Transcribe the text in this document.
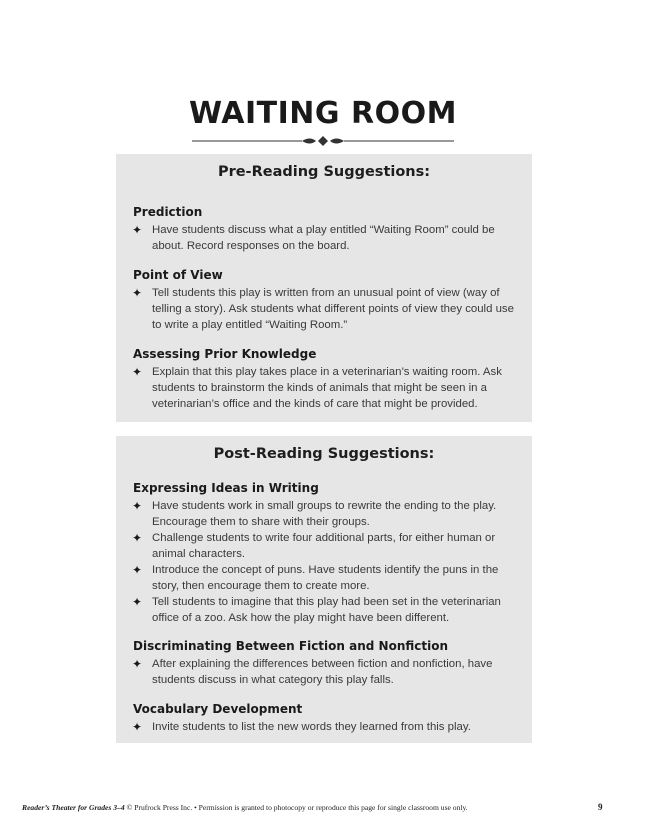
WAITING ROOM
Pre-Reading Suggestions:

Prediction

✦ Have students discuss what a play entitled “Waiting Room” could be about. Record responses on the board.

Point of View

✦ Tell students this play is written from an unusual point of view (way of telling a story). Ask students what different points of view they could use to write a play entitled “Waiting Room.”

Assessing Prior Knowledge

✦ Explain that this play takes place in a veterinarian’s waiting room. Ask students to brainstorm the kinds of animals that might be seen in a veterinarian’s office and the kinds of care that might be provided.

Post-Reading Suggestions:

Expressing Ideas in Writing

✦ Have students work in small groups to rewrite the ending to the play. Encourage them to share with their groups.

✦ Challenge students to write four additional parts, for either human or animal characters.

✦ Introduce the concept of puns. Have students identify the puns in the story, then encourage them to create more.

✦ Tell students to imagine that this play had been set in the veterinarian office of a zoo. Ask how the play might have been different.

Discriminating Between Fiction and Nonfiction

✦ After explaining the differences between fiction and nonfiction, have students discuss in what category this play falls.

Vocabulary Development

✦ Invite students to list the new words they learned from this play.

Reader’s Theater for Grades 3–4 © Prufrock Press Inc. • Permission is granted to photocopy or reproduce this page for single classroom use only.	9
